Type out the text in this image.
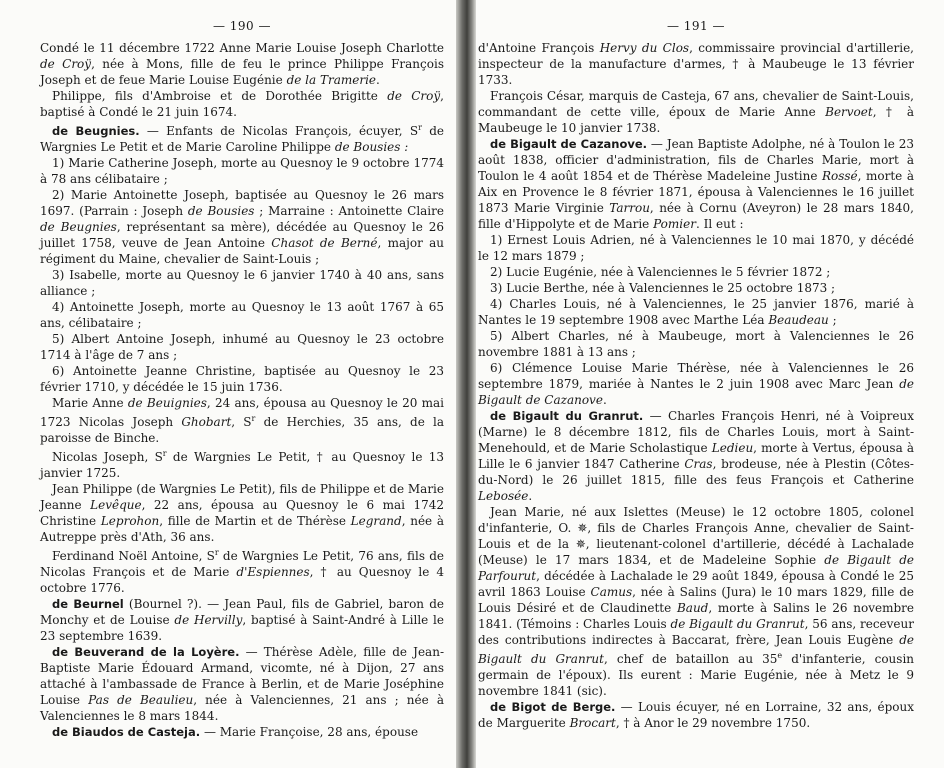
— 190 —

Condé le 11 décembre 1722 Anne Marie Louise Joseph Charlotte de Croÿ, née à Mons, fille de feu le prince Philippe François Joseph et de feue Marie Louise Eugénie de la Tramerie.

Philippe, fils d'Ambroise et de Dorothée Brigitte de Croÿ, baptisé à Condé le 21 juin 1674.

de Beugnies. — Enfants de Nicolas François, écuyer, $S^r$ de Wargnies Le Petit et de Marie Caroline Philippe de Bousies :

1) Marie Catherine Joseph, morte au Quesnoy le 9 octobre 1774 à 78 ans célibataire ;

2) Marie Antoinette Joseph, baptisée au Quesnoy le 26 mars 1697. (Parrain : Joseph de Bousies ; Marraine : Antoinette Claire de Beugnies, représentant sa mère), décédée au Quesnoy le 26 juillet 1758, veuve de Jean Antoine Chasot de Berné, major au régiment du Maine, chevalier de Saint-Louis ;

3) Isabelle, morte au Quesnoy le 6 janvier 1740 à 40 ans, sans alliance ;

4) Antoinette Joseph, morte au Quesnoy le 13 août 1767 à 65 ans, célibataire ;

5) Albert Antoine Joseph, inhumé au Quesnoy le 23 octobre 1714 à l'âge de 7 ans ;

6) Antoinette Jeanne Christine, baptisée au Quesnoy le 23 février 1710, y décédée le 15 juin 1736.

Marie Anne de Beuignies, 24 ans, épousa au Quesnoy le 20 mai 1723 Nicolas Joseph Ghobart, $S^r$ de Herchies, 35 ans, de la paroisse de Binche.

Nicolas Joseph, $S^r$ de Wargnies Le Petit, † au Quesnoy le 13 janvier 1725.

Jean Philippe (de Wargnies Le Petit), fils de Philippe et de Marie Jeanne Levêque, 22 ans, épousa au Quesnoy le 6 mai 1742 Christine Leprohon, fille de Martin et de Thérèse Legrand, née à Autreppe près d'Ath, 36 ans.

Ferdinand Noël Antoine, $S^r$ de Wargnies Le Petit, 76 ans, fils de Nicolas François et de Marie d'Espiennes, † au Quesnoy le 4 octobre 1776.

de Beurnel (Bournel ?). — Jean Paul, fils de Gabriel, baron de Monchy et de Louise de Hervilly, baptisé à Saint-André à Lille le 23 septembre 1639.

de Beuverand de la Loyère. — Thérèse Adèle, fille de Jean-Baptiste Marie Édouard Armand, vicomte, né à Dijon, 27 ans attaché à l'ambassade de France à Berlin, et de Marie Joséphine Louise Pas de Beaulieu, née à Valenciennes, 21 ans ; née à Valenciennes le 8 mars 1844.

de Biaudos de Casteja. — Marie Françoise, 28 ans, épouse

— 191 —

d'Antoine François Hervy du Clos, commissaire provincial d'artillerie, inspecteur de la manufacture d'armes, † à Maubeuge le 13 février 1733.

François César, marquis de Casteja, 67 ans, chevalier de Saint-Louis, commandant de cette ville, époux de Marie Anne Bervoet, † à Maubeuge le 10 janvier 1738.

de Bigault de Cazanove. — Jean Baptiste Adolphe, né à Toulon le 23 août 1838, officier d'administration, fils de Charles Marie, mort à Toulon le 4 août 1854 et de Thérèse Madeleine Justine Rossé, morte à Aix en Provence le 8 février 1871, épousa à Valenciennes le 16 juillet 1873 Marie Virginie Tarrou, née à Cornu (Aveyron) le 28 mars 1840, fille d'Hippolyte et de Marie Pomier. Il eut :

1) Ernest Louis Adrien, né à Valenciennes le 10 mai 1870, y décédé le 12 mars 1879 ;

2) Lucie Eugénie, née à Valenciennes le 5 février 1872 ;

3) Lucie Berthe, née à Valenciennes le 25 octobre 1873 ;

4) Charles Louis, né à Valenciennes, le 25 janvier 1876, marié à Nantes le 19 septembre 1908 avec Marthe Léa Beaudeau ;

5) Albert Charles, né à Maubeuge, mort à Valenciennes le 26 novembre 1881 à 13 ans ;

6) Clémence Louise Marie Thérèse, née à Valenciennes le 26 septembre 1879, mariée à Nantes le 2 juin 1908 avec Marc Jean de Bigault de Cazanove.

de Bigault du Granrut. — Charles François Henri, né à Voipreux (Marne) le 8 décembre 1812, fils de Charles Louis, mort à Saint-Menehould, et de Marie Scholastique Ledieu, morte à Vertus, épousa à Lille le 6 janvier 1847 Catherine Cras, brodeuse, née à Plestin (Côtes-du-Nord) le 26 juillet 1815, fille des feus François et Catherine Lebosée.

Jean Marie, né aux Islettes (Meuse) le 12 octobre 1805, colonel d'infanterie, O. ✵, fils de Charles François Anne, chevalier de Saint-Louis et de la ✵, lieutenant-colonel d'artillerie, décédé à Lachalade (Meuse) le 17 mars 1834, et de Madeleine Sophie de Bigault de Parfourut, décédée à Lachalade le 29 août 1849, épousa à Condé le 25 avril 1863 Louise Camus, née à Salins (Jura) le 10 mars 1829, fille de Louis Désiré et de Claudinette Baud, morte à Salins le 26 novembre 1841. (Témoins : Charles Louis de Bigault du Granrut, 56 ans, receveur des contributions indirectes à Baccarat, frère, Jean Louis Eugène de Bigault du Granrut, chef de bataillon au 35e d'infanterie, cousin germain de l'époux). Ils eurent : Marie Eugénie, née à Metz le 9 novembre 1841 (sic).

de Bigot de Berge. — Louis écuyer, né en Lorraine, 32 ans, époux de Marguerite Brocart, † à Anor le 29 novembre 1750.
